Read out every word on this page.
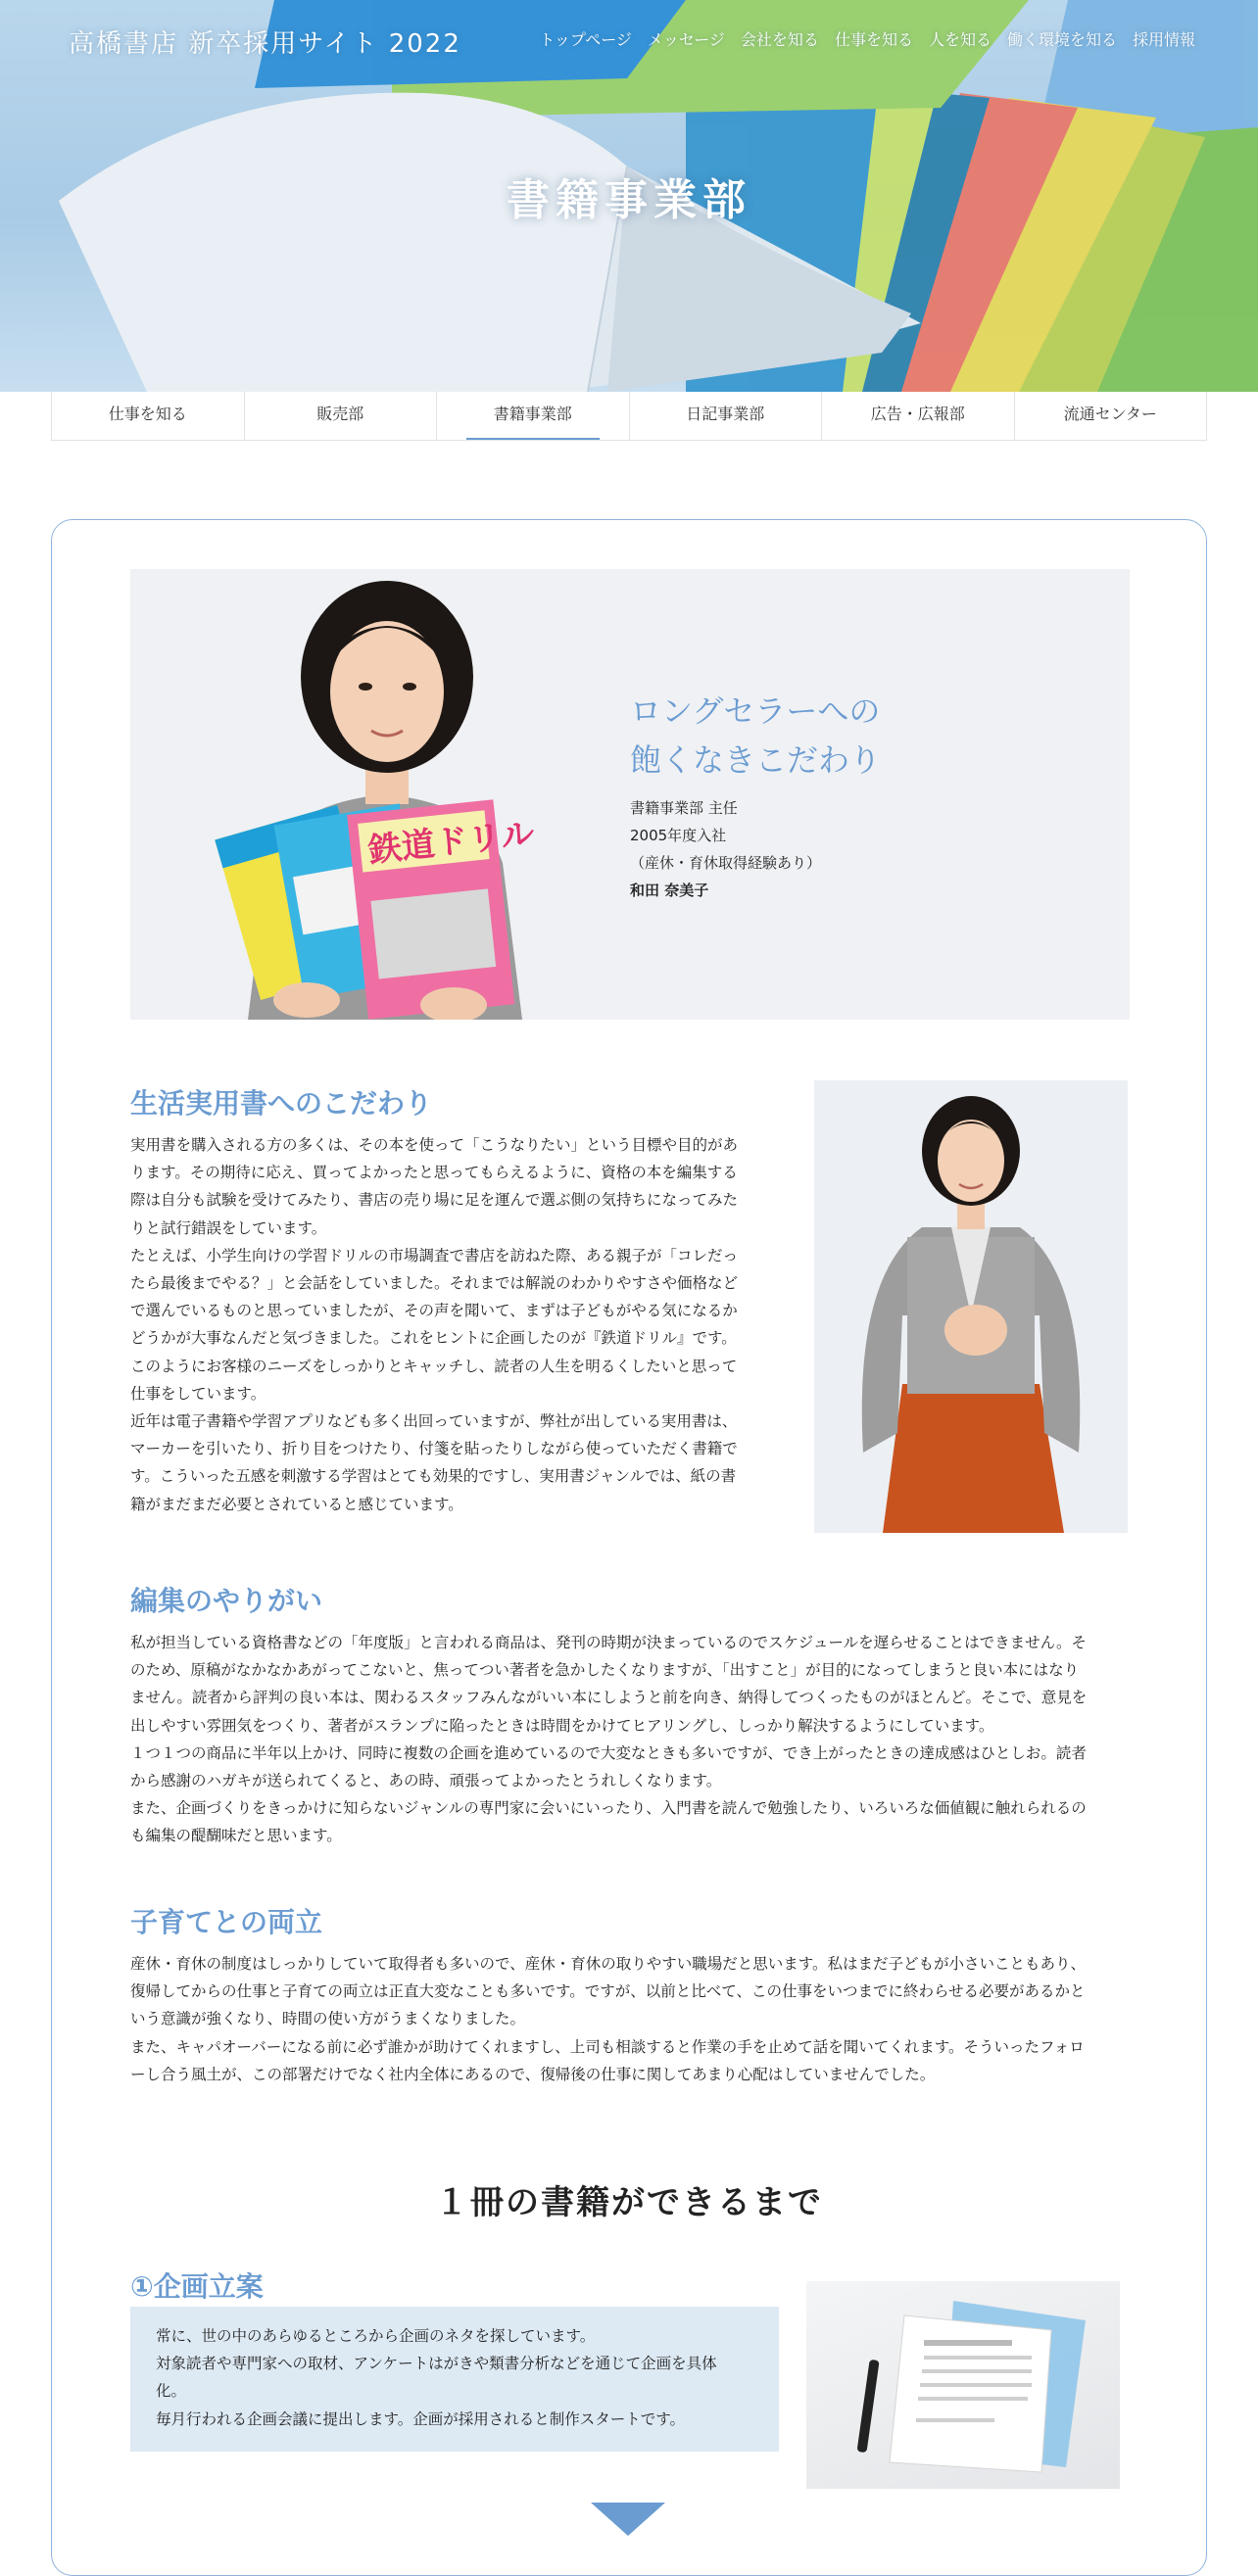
高橋書店 新卒採用サイト 2022	トップページ メッセージ 会社を知る 仕事を知る 人を知る 働く環境を知る 採用情報
書籍事業部
仕事を知る	販売部	書籍事業部	日記事業部	広告・広報部	流通センター
鉄道ドリル
ロングセラーへの
飽くなきこだわり
書籍事業部 主任
2005年度入社
（産休・育休取得経験あり）
和田 奈美子
生活実用書へのこだわり

実用書を購入される方の多くは、その本を使って「こうなりたい」という目標や目的があ

ります。その期待に応え、買ってよかったと思ってもらえるように、資格の本を編集する

際は自分も試験を受けてみたり、書店の売り場に足を運んで選ぶ側の気持ちになってみた

りと試行錯誤をしています。

たとえば、小学生向けの学習ドリルの市場調査で書店を訪ねた際、ある親子が「コレだっ

たら最後までやる？」と会話をしていました。それまでは解説のわかりやすさや価格など

で選んでいるものと思っていましたが、その声を聞いて、まずは子どもがやる気になるか

どうかが大事なんだと気づきました。これをヒントに企画したのが『鉄道ドリル』です。

このようにお客様のニーズをしっかりとキャッチし、読者の人生を明るくしたいと思って

仕事をしています。

近年は電子書籍や学習アプリなども多く出回っていますが、弊社が出している実用書は、

マーカーを引いたり、折り目をつけたり、付箋を貼ったりしながら使っていただく書籍で

す。こういった五感を刺激する学習はとても効果的ですし、実用書ジャンルでは、紙の書

籍がまだまだ必要とされていると感じています。

編集のやりがい

私が担当している資格書などの「年度版」と言われる商品は、発刊の時期が決まっているのでスケジュールを遅らせることはできません。そ

のため、原稿がなかなかあがってこないと、焦ってつい著者を急かしたくなりますが、「出すこと」が目的になってしまうと良い本にはなり

ません。読者から評判の良い本は、関わるスタッフみんながいい本にしようと前を向き、納得してつくったものがほとんど。そこで、意見を

出しやすい雰囲気をつくり、著者がスランプに陥ったときは時間をかけてヒアリングし、しっかり解決するようにしています。

１つ１つの商品に半年以上かけ、同時に複数の企画を進めているので大変なときも多いですが、でき上がったときの達成感はひとしお。読者

から感謝のハガキが送られてくると、あの時、頑張ってよかったとうれしくなります。

また、企画づくりをきっかけに知らないジャンルの専門家に会いにいったり、入門書を読んで勉強したり、いろいろな価値観に触れられるの

も編集の醍醐味だと思います。

子育てとの両立

産休・育休の制度はしっかりしていて取得者も多いので、産休・育休の取りやすい職場だと思います。私はまだ子どもが小さいこともあり、

復帰してからの仕事と子育ての両立は正直大変なことも多いです。ですが、以前と比べて、この仕事をいつまでに終わらせる必要があるかと

いう意識が強くなり、時間の使い方がうまくなりました。

また、キャパオーバーになる前に必ず誰かが助けてくれますし、上司も相談すると作業の手を止めて話を聞いてくれます。そういったフォロ

ーし合う風土が、この部署だけでなく社内全体にあるので、復帰後の仕事に関してあまり心配はしていませんでした。

１冊の書籍ができるまで
①企画立案

常に、世の中のあらゆるところから企画のネタを探しています。

対象読者や専門家への取材、アンケートはがきや類書分析などを通じて企画を具体

化。

毎月行われる企画会議に提出します。企画が採用されると制作スタートです。
